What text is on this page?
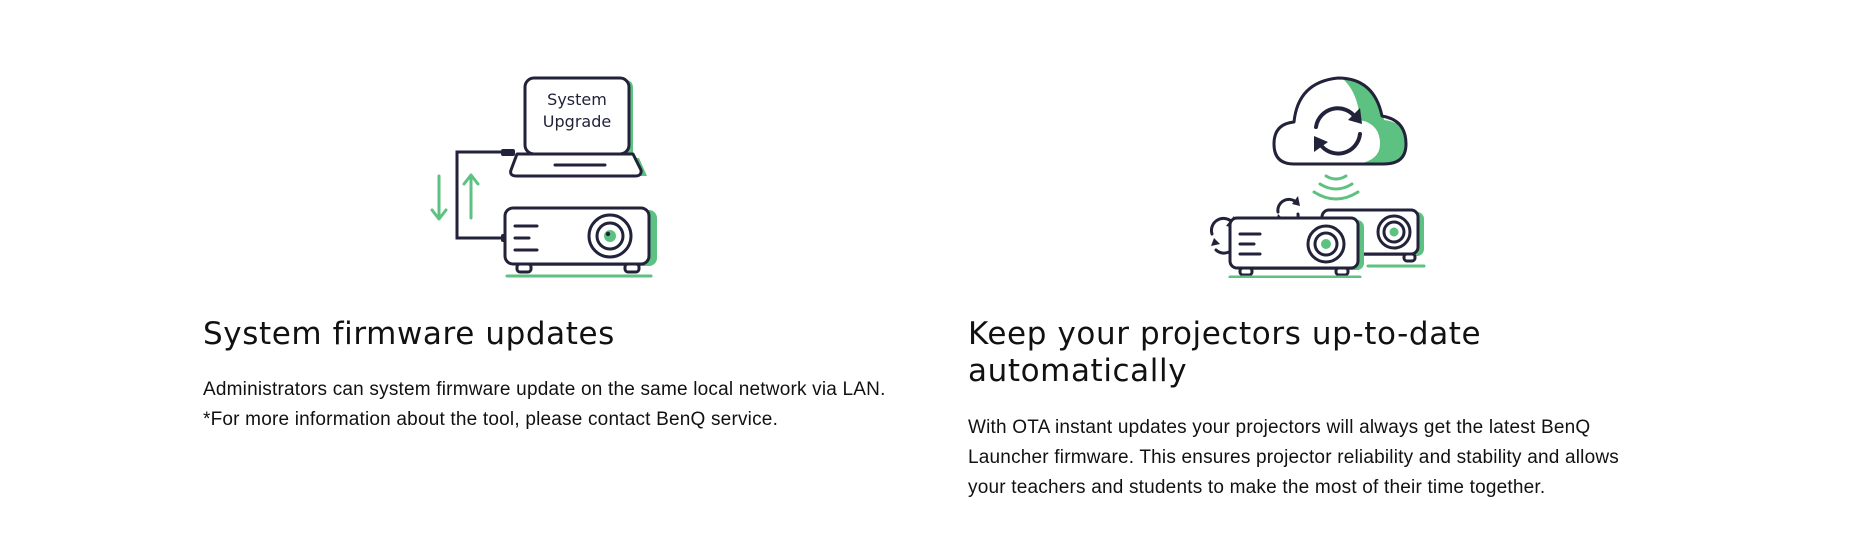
System
Upgrade
System firmware updates

Administrators can system firmware update on the same local network via LAN. *For more information about the tool, please contact BenQ service.

Keep your projectors up-to-date automatically

With OTA instant updates your projectors will always get the latest BenQ Launcher firmware. This ensures projector reliability and stability and allows your teachers and students to make the most of their time together.
